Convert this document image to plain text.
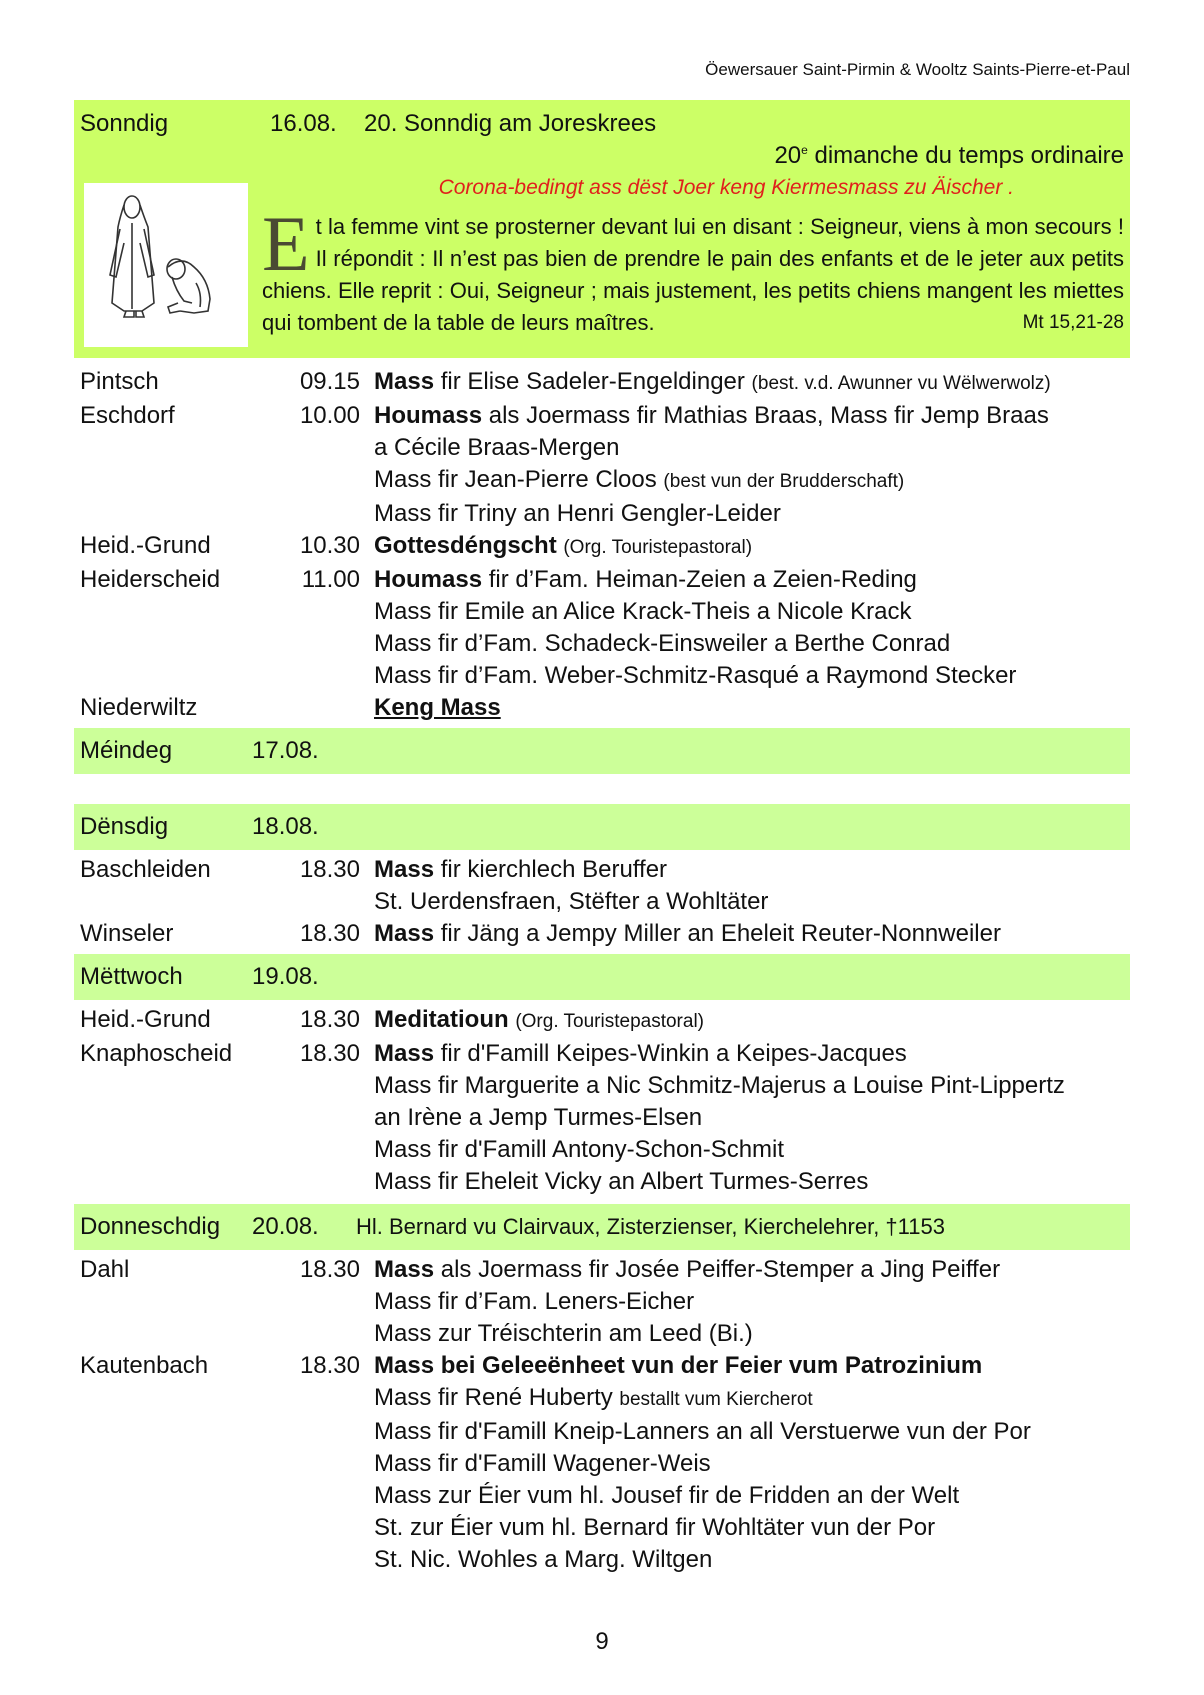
Öewersauer Saint-Pirmin & Wooltz Saints-Pierre-et-Paul
Sonndig	16.08. 20. Sonndig am Joreskrees
20e dimanche du temps ordinaire
Corona-bedingt ass dëst Joer keng Kiermesmass zu Äischer .
Et la femme vint se prosterner devant lui en disant : Seigneur, viens à mon secours ! Il répondit : Il n’est pas bien de prendre le pain des enfants et de le jeter aux petits chiens. Elle reprit : Oui, Seigneur ; mais justement, les petits chiens mangent les miettes qui tombent de la table de leurs maîtres.	Mt 15,21-28
Pintsch	09.15 Mass fir Elise Sadeler-Engeldinger (best. v.d. Awunner vu Wëlwerwolz)
Eschdorf	10.00 Houmass als Joermass fir Mathias Braas, Mass fir Jemp Braas
a Cécile Braas-Mergen
Mass fir Jean-Pierre Cloos (best vun der Brudderschaft)
Mass fir Triny an Henri Gengler-Leider
Heid.-Grund	10.30 Gottesdéngscht (Org. Touristepastoral)
Heiderscheid	11.00 Houmass fir d’Fam. Heiman-Zeien a Zeien-Reding
Mass fir Emile an Alice Krack-Theis a Nicole Krack
Mass fir d’Fam. Schadeck-Einsweiler a Berthe Conrad
Mass fir d’Fam. Weber-Schmitz-Rasqué a Raymond Stecker
Niederwiltz	Keng Mass
Méindeg	17.08.
Dënsdig	18.08.
Baschleiden	18.30 Mass fir kierchlech Beruffer
St. Uerdensfraen, Stëfter a Wohltäter
Winseler	18.30 Mass fir Jäng a Jempy Miller an Eheleit Reuter-Nonnweiler
Mëttwoch	19.08.
Heid.-Grund	18.30 Meditatioun (Org. Touristepastoral)
Knaphoscheid	18.30 Mass fir d'Famill Keipes-Winkin a Keipes-Jacques
Mass fir Marguerite a Nic Schmitz-Majerus a Louise Pint-Lippertz
an Irène a Jemp Turmes-Elsen
Mass fir d'Famill Antony-Schon-Schmit
Mass fir Eheleit Vicky an Albert Turmes-Serres
Donneschdig	20.08.	Hl. Bernard vu Clairvaux, Zisterzienser, Kierchelehrer, †1153
Dahl	18.30 Mass als Joermass fir Josée Peiffer-Stemper a Jing Peiffer
Mass fir d’Fam. Leners-Eicher
Mass zur Tréischterin am Leed (Bi.)
Kautenbach	18.30 Mass bei Geleeënheet vun der Feier vum Patrozinium
Mass fir René Huberty bestallt vum Kiercherot
Mass fir d'Famill Kneip-Lanners an all Verstuerwe vun der Por
Mass fir d'Famill Wagener-Weis
Mass zur Éier vum hl. Jousef fir de Fridden an der Welt
St. zur Éier vum hl. Bernard fir Wohltäter vun der Por
St. Nic. Wohles a Marg. Wiltgen
9
